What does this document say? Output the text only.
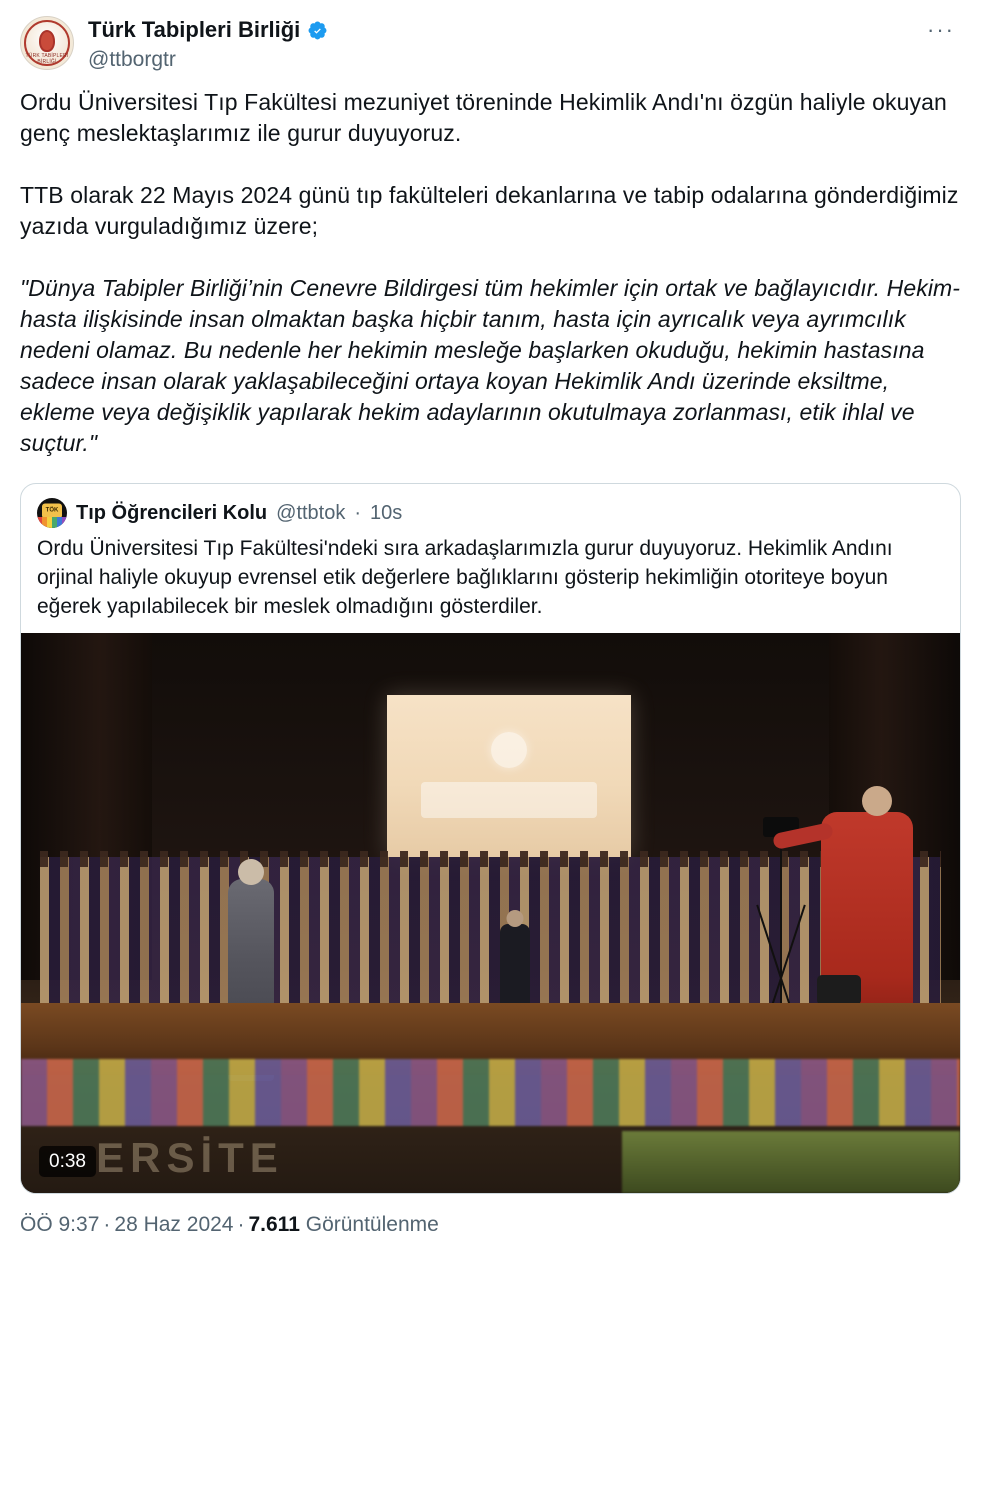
TÜRK TABİPLERİ BİRLİĞİ
Türk Tabipleri Birliği
@ttborgtr
···

Ordu Üniversitesi Tıp Fakültesi mezuniyet töreninde Hekimlik Andı'nı özgün haliyle okuyan genç meslektaşlarımız ile gurur duyuyoruz.

TTB olarak 22 Mayıs 2024 günü tıp fakülteleri dekanlarına ve tabip odalarına gönderdiğimiz yazıda vurguladığımız üzere;

"Dünya Tabipler Birliği’nin Cenevre Bildirgesi tüm hekimler için ortak ve bağlayıcıdır. Hekim-hasta ilişkisinde insan olmaktan başka hiçbir tanım, hasta için ayrıcalık veya ayrımcılık nedeni olamaz. Bu nedenle her hekimin mesleğe başlarken okuduğu, hekimin hastasına sadece insan olarak yaklaşabileceğini ortaya koyan Hekimlik Andı üzerinde eksiltme, ekleme veya değişiklik yapılarak hekim adaylarının okutulmaya zorlanması, etik ihlal ve suçtur."

TÖK Tıp Öğrencileri Kolu @ttbtok · 10s
Ordu Üniversitesi Tıp Fakültesi'ndeki sıra arkadaşlarımızla gurur duyuyoruz. Hekimlik Andını orjinal haliyle okuyup evrensel etik değerlere bağlıklarını gösterip hekimliğin otoriteye boyun eğerek yapılabilecek bir meslek olmadığını gösterdiler.
ERSİTE
0:38
ÖÖ 9:37 · 28 Haz 2024 · 7.611 Görüntülenme
